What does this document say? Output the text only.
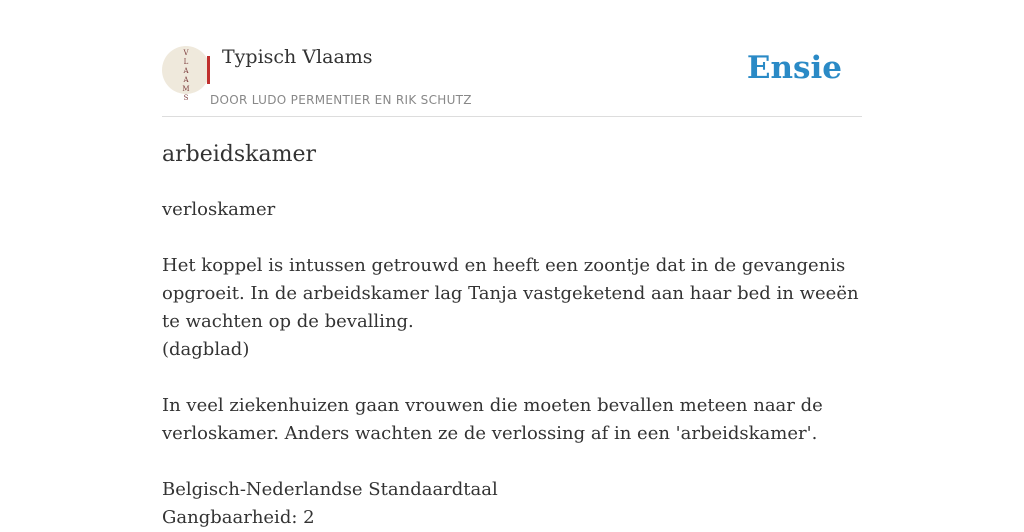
V
L
A
A
M
S
Typisch Vlaams
DOOR LUDO PERMENTIER EN RIK SCHUTZ
Ensie
arbeidskamer
verloskamer
Het koppel is intussen getrouwd en heeft een zoontje dat in de gevangenis opgroeit. In de arbeidskamer lag Tanja vastgeketend aan haar bed in weeën te wachten op de bevalling.
(dagblad)
In veel ziekenhuizen gaan vrouwen die moeten bevallen meteen naar de verloskamer. Anders wachten ze de verlossing af in een 'arbeidskamer'.
Belgisch-Nederlandse Standaardtaal
Gangbaarheid: 2
